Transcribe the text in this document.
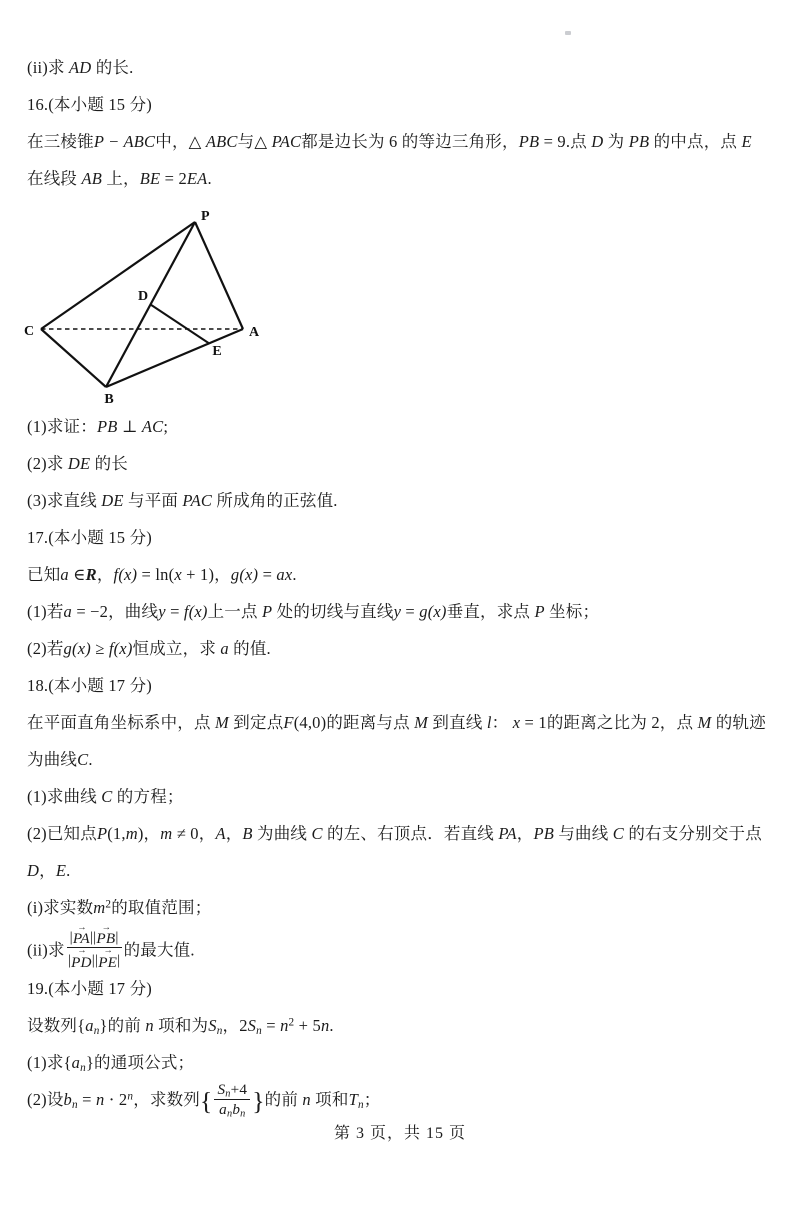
(ii)求 AD 的长.

16.(本小题 15 分)

在三棱锥P − ABC中，△ ABC与△ PAC都是边长为 6 的等边三角形，PB = 9.点 D 为 PB 的中点，点 E 在线段 AB 上，BE = 2EA.

P
C	A
B
D
E

(1)求证：PB ⊥ AC;

(2)求 DE 的长

(3)求直线 DE 与平面 PAC 所成角的正弦值.

17.(本小题 15 分)

已知a ∈R，f(x) = ln(x + 1)，g(x) = ax.

(1)若a = −2，曲线y = f(x)上一点 P 处的切线与直线y = g(x)垂直，求点 P 坐标；

(2)若g(x) ≥ f(x)恒成立，求 a 的值.

18.(本小题 17 分)

在平面直角坐标系中，点 M 到定点F(4,0)的距离与点 M 到直线 l： x = 1的距离之比为 2，点 M 的轨迹为曲线C.

(1)求曲线 C 的方程；

(2)已知点P(1,m)，m ≠ 0，A，B 为曲线 C 的左、右顶点．若直线 PA，PB 与曲线 C 的右支分别交于点 D，E.

(i)求实数$m^2$的取值范围；

(ii)求 |
→
PA ||
→
PB |
|
→
PD ||
→
PE | 的最大值.

19.(本小题 17 分)

设数列$\{a_n\}$的前 n 项和为$S_n$，$2S_n = n^2 + 5n$.

(1)求$\{a_n\}$的通项公式；

(2)设$b_n = n \cdot 2^n$，求数列{ $\frac{S_n+4}{a_nb_n}$ }的前 n 项和$T_n$；

第 3 页，共 15 页
